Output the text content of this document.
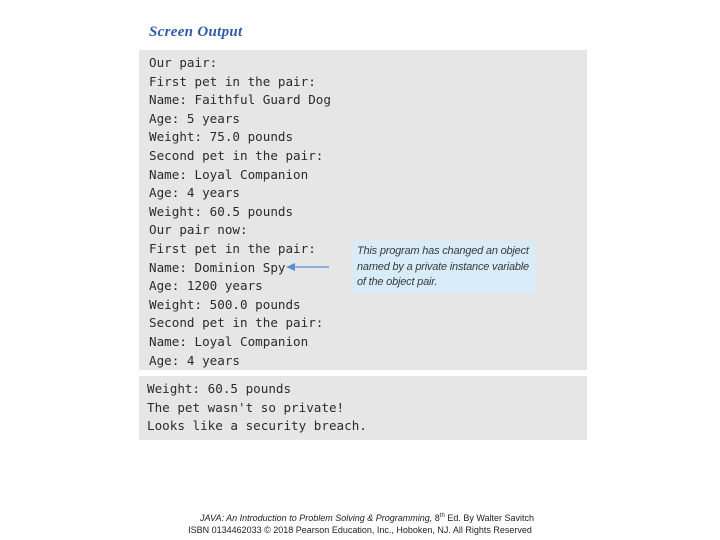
Screen Output
Our pair:
First pet in the pair:
Name: Faithful Guard Dog
Age: 5 years
Weight: 75.0 pounds
Second pet in the pair:
Name: Loyal Companion
Age: 4 years
Weight: 60.5 pounds
Our pair now:
First pet in the pair:
Name: Dominion Spy
Age: 1200 years
Weight: 500.0 pounds
Second pet in the pair:
Name: Loyal Companion
Age: 4 years
Weight: 60.5 pounds
The pet wasn't so private!
Looks like a security breach.

This program has changed an object named by a private instance variable of the object pair.

JAVA: An Introduction to Problem Solving & Programming, 8th Ed. By Walter Savitch

ISBN 0134462033 © 2018 Pearson Education, Inc., Hoboken, NJ. All Rights Reserved
